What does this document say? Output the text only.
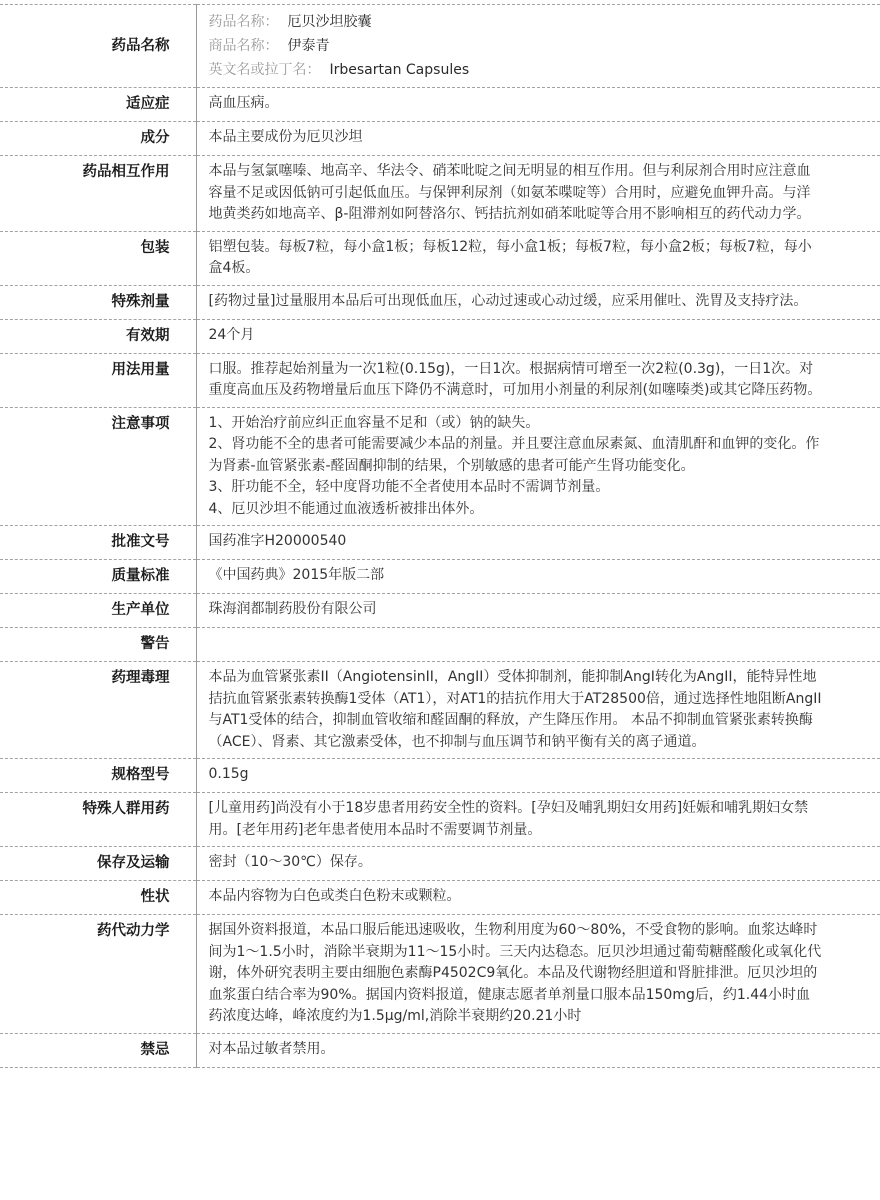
药品名称	药品名称： 厄贝沙坦胶囊
商品名称： 伊泰青
英文名或拉丁名： Irbesartan Capsules

适应症	高血压病。
成分	本品主要成份为厄贝沙坦
药品相互作用	本品与氢氯噻嗪、地高辛、华法令、硝苯吡啶之间无明显的相互作用。但与利尿剂合用时应注意血容量不足或因低钠可引起低血压。与保钾利尿剂（如氨苯喋啶等）合用时，应避免血钾升高。与洋地黄类药如地高辛、β-阻滞剂如阿替洛尔、钙拮抗剂如硝苯吡啶等合用不影响相互的药代动力学。
包装	铝塑包装。每板7粒，每小盒1板；每板12粒，每小盒1板；每板7粒，每小盒2板；每板7粒，每小盒4板。
特殊剂量	[药物过量]过量服用本品后可出现低血压，心动过速或心动过缓，应采用催吐、洗胃及支持疗法。
有效期	24个月
用法用量	口服。推荐起始剂量为一次1粒(0.15g)，一日1次。根据病情可增至一次2粒(0.3g)，一日1次。对重度高血压及药物增量后血压下降仍不满意时，可加用小剂量的利尿剂(如噻嗪类)或其它降压药物。
注意事项	1、开始治疗前应纠正血容量不足和（或）钠的缺失。
2、肾功能不全的患者可能需要减少本品的剂量。并且要注意血尿素氮、血清肌酐和血钾的变化。作为肾素-血管紧张素-醛固酮抑制的结果，个别敏感的患者可能产生肾功能变化。
3、肝功能不全，轻中度肾功能不全者使用本品时不需调节剂量。
4、厄贝沙坦不能通过血液透析被排出体外。

批准文号	国药准字H20000540
质量标准	《中国药典》2015年版二部
生产单位	珠海润都制药股份有限公司
警告	
药理毒理	本品为血管紧张素II（AngiotensinII，AngII）受体抑制剂，能抑制AngI转化为AngII，能特异性地拮抗血管紧张素转换酶1受体（AT1），对AT1的拮抗作用大于AT28500倍，通过选择性地阻断AngII与AT1受体的结合，抑制血管收缩和醛固酮的释放，产生降压作用。 本品不抑制血管紧张素转换酶（ACE）、肾素、其它激素受体，也不抑制与血压调节和钠平衡有关的离子通道。
规格型号	0.15g
特殊人群用药	[儿童用药]尚没有小于18岁患者用药安全性的资料。[孕妇及哺乳期妇女用药]妊娠和哺乳期妇女禁用。[老年用药]老年患者使用本品时不需要调节剂量。
保存及运输	密封（10～30℃）保存。
性状	本品内容物为白色或类白色粉末或颗粒。
药代动力学	据国外资料报道，本品口服后能迅速吸收，生物利用度为60～80%，不受食物的影响。血浆达峰时间为1～1.5小时，消除半衰期为11～15小时。三天内达稳态。厄贝沙坦通过葡萄糖醛酸化或氧化代谢，体外研究表明主要由细胞色素酶P4502C9氧化。本品及代谢物经胆道和肾脏排泄。厄贝沙坦的血浆蛋白结合率为90%。据国内资料报道，健康志愿者单剂量口服本品150mg后，约1.44小时血药浓度达峰，峰浓度约为1.5μg/ml,消除半衰期约20.21小时
禁忌	对本品过敏者禁用。
